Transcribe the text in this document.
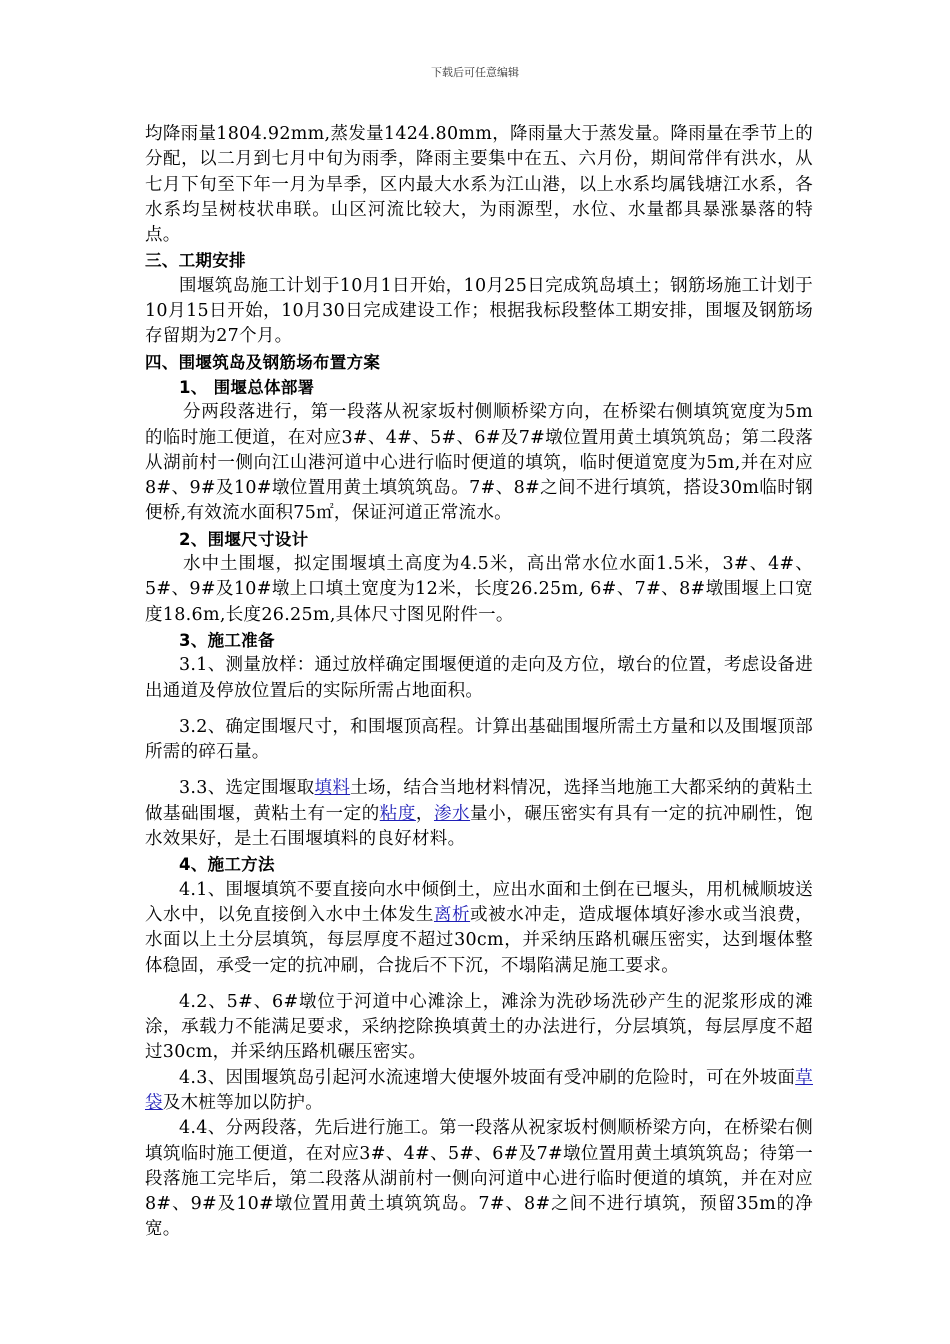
下载后可任意编辑

均降雨量1804.92mm,蒸发量1424.80mm，降雨量大于蒸发量。降雨量在季节上的分配，以二月到七月中旬为雨季，降雨主要集中在五、六月份，期间常伴有洪水，从七月下旬至下年一月为旱季，区内最大水系为江山港，以上水系均属钱塘江水系，各水系均呈树枝状串联。山区河流比较大，为雨源型，水位、水量都具暴涨暴落的特点。

三、工期安排

围堰筑岛施工计划于10月1日开始，10月25日完成筑岛填土；钢筋场施工计划于10月15日开始，10月30日完成建设工作；根据我标段整体工期安排，围堰及钢筋场存留期为27个月。

四、围堰筑岛及钢筋场布置方案

1、 围堰总体部署

分两段落进行，第一段落从祝家坂村侧顺桥梁方向，在桥梁右侧填筑宽度为5m的临时施工便道，在对应3#、4#、5#、6#及7#墩位置用黄土填筑筑岛；第二段落从湖前村一侧向江山港河道中心进行临时便道的填筑，临时便道宽度为5m,并在对应8#、9#及10#墩位置用黄土填筑筑岛。7#、8#之间不进行填筑，搭设30m临时钢便桥,有效流水面积75㎡，保证河道正常流水。

2、围堰尺寸设计

水中土围堰，拟定围堰填土高度为4.5米，高出常水位水面1.5米，3#、4#、5#、9#及10#墩上口填土宽度为12米，长度26.25m, 6#、7#、8#墩围堰上口宽度18.6m,长度26.25m,具体尺寸图见附件一。

3、施工准备

3.1、测量放样：通过放样确定围堰便道的走向及方位，墩台的位置，考虑设备进出通道及停放位置后的实际所需占地面积。

3.2、确定围堰尺寸，和围堰顶高程。计算出基础围堰所需土方量和以及围堰顶部所需的碎石量。

3.3、选定围堰取填料土场，结合当地材料情况，选择当地施工大都采纳的黄粘土做基础围堰，黄粘土有一定的粘度，渗水量小，碾压密实有具有一定的抗冲刷性，饱水效果好，是土石围堰填料的良好材料。

4、施工方法

4.1、围堰填筑不要直接向水中倾倒土，应出水面和土倒在已堰头，用机械顺坡送入水中，以免直接倒入水中土体发生离析或被水冲走，造成堰体填好渗水或当浪费，水面以上土分层填筑，每层厚度不超过30cm，并采纳压路机碾压密实，达到堰体整体稳固，承受一定的抗冲刷，合拢后不下沉，不塌陷满足施工要求。

4.2、5#、6#墩位于河道中心滩涂上，滩涂为洗砂场洗砂产生的泥浆形成的滩涂，承载力不能满足要求，采纳挖除换填黄土的办法进行，分层填筑，每层厚度不超过30cm，并采纳压路机碾压密实。

4.3、因围堰筑岛引起河水流速增大使堰外坡面有受冲刷的危险时，可在外坡面草袋及木桩等加以防护。

4.4、分两段落，先后进行施工。第一段落从祝家坂村侧顺桥梁方向，在桥梁右侧填筑临时施工便道，在对应3#、4#、5#、6#及7#墩位置用黄土填筑筑岛；待第一段落施工完毕后，第二段落从湖前村一侧向河道中心进行临时便道的填筑，并在对应8#、9#及10#墩位置用黄土填筑筑岛。7#、8#之间不进行填筑，预留35m的净宽。
